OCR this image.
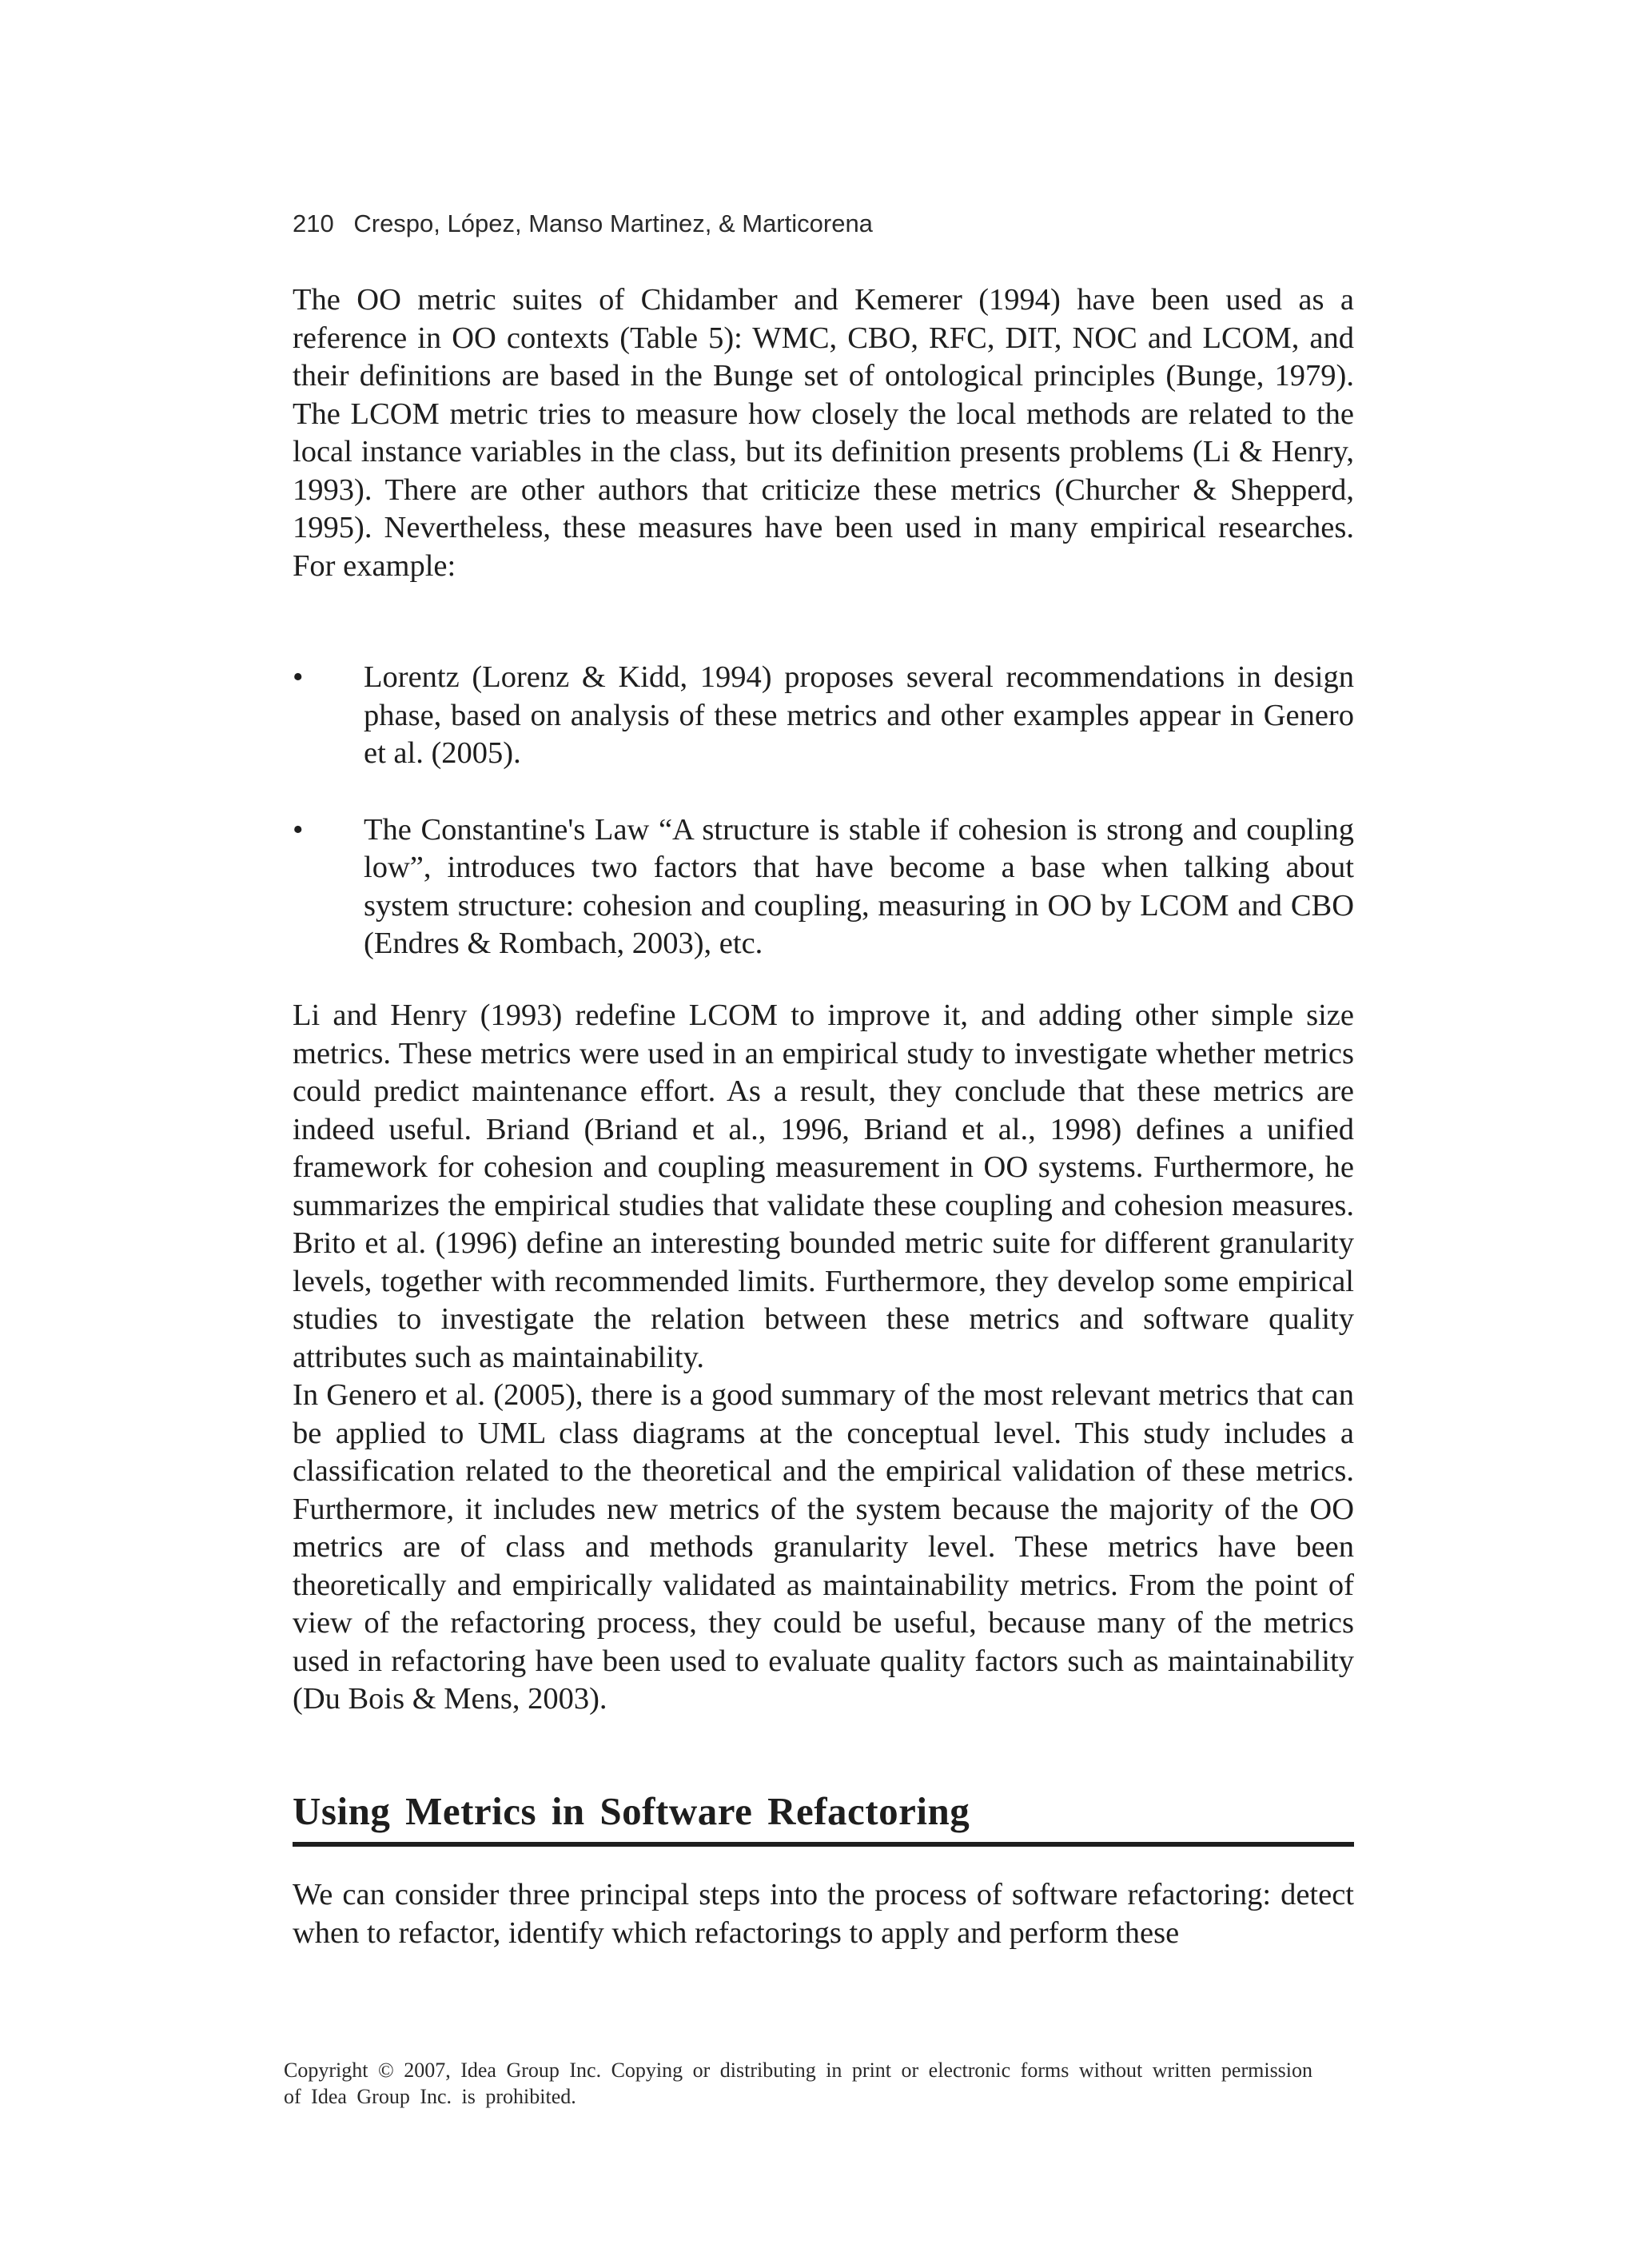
210 Crespo, López, Manso Martinez, & Marticorena

The OO metric suites of Chidamber and Kemerer (1994) have been used as a reference in OO contexts (Table 5): WMC, CBO, RFC, DIT, NOC and LCOM, and their definitions are based in the Bunge set of ontological principles (Bunge, 1979). The LCOM metric tries to measure how closely the local methods are related to the local instance variables in the class, but its definition presents problems (Li & Henry, 1993). There are other authors that criticize these metrics (Churcher & Shepperd, 1995). Nevertheless, these measures have been used in many empirical researches. For example:

• Lorentz (Lorenz & Kidd, 1994) proposes several recommendations in design phase, based on analysis of these metrics and other examples appear in Genero et al. (2005).
• The Constantine's Law “A structure is stable if cohesion is strong and coupling low”, introduces two factors that have become a base when talking about system structure: cohesion and coupling, measuring in OO by LCOM and CBO (Endres & Rombach, 2003), etc.

Li and Henry (1993) redefine LCOM to improve it, and adding other simple size metrics. These metrics were used in an empirical study to investigate whether metrics could predict maintenance effort. As a result, they conclude that these metrics are indeed useful. Briand (Briand et al., 1996, Briand et al., 1998) defines a unified framework for cohesion and coupling measurement in OO systems. Furthermore, he summarizes the empirical studies that validate these coupling and cohesion measures. Brito et al. (1996) define an interesting bounded metric suite for different granularity levels, together with recommended limits. Furthermore, they develop some empirical studies to investigate the relation between these metrics and software quality attributes such as maintainability.

In Genero et al. (2005), there is a good summary of the most relevant metrics that can be applied to UML class diagrams at the conceptual level. This study includes a classification related to the theoretical and the empirical validation of these metrics. Furthermore, it includes new metrics of the system because the majority of the OO metrics are of class and methods granularity level. These metrics have been theoretically and empirically validated as maintainability metrics. From the point of view of the refactoring process, they could be useful, because many of the metrics used in refactoring have been used to evaluate quality factors such as maintainability (Du Bois & Mens, 2003).

Using Metrics in Software Refactoring

We can consider three principal steps into the process of software refactoring: detect when to refactor, identify which refactorings to apply and perform these

Copyright © 2007, Idea Group Inc. Copying or distributing in print or electronic forms without written permission of Idea Group Inc. is prohibited.
